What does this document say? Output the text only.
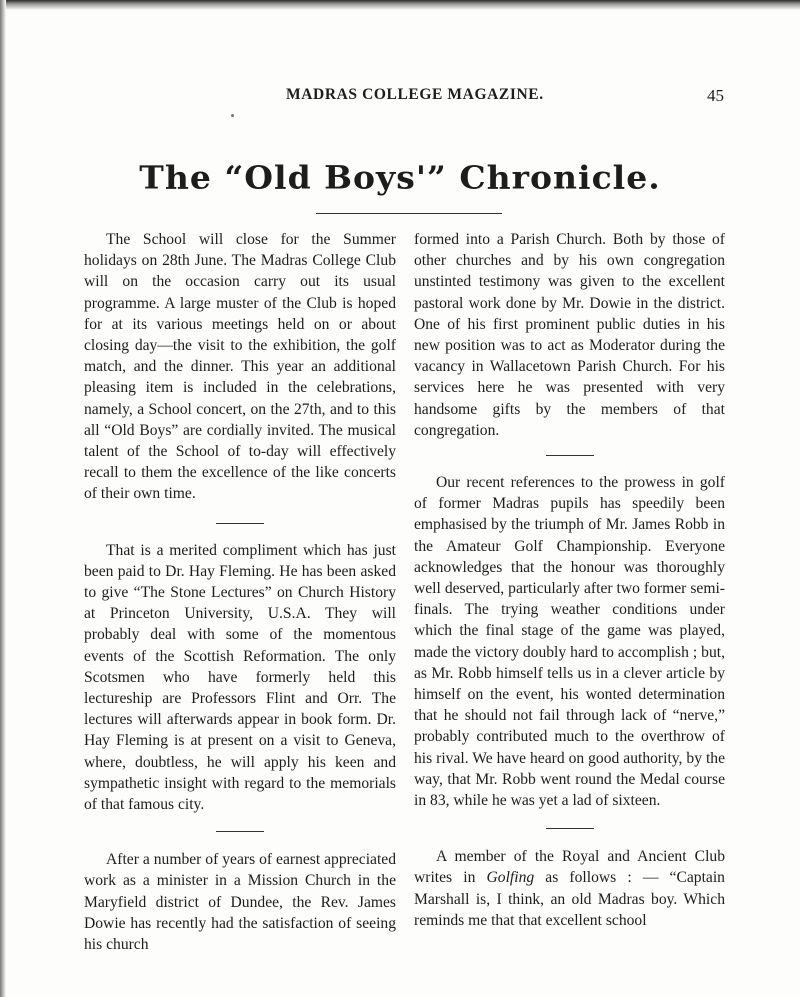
MADRAS COLLEGE MAGAZINE.	45
The “Old Boys'” Chronicle.

The School will close for the Summer holidays on 28th June. The Madras College Club will on the occasion carry out its usual programme. A large muster of the Club is hoped for at its various meetings held on or about closing day—the visit to the exhibition, the golf match, and the dinner. This year an additional pleasing item is included in the celebrations, namely, a School concert, on the 27th, and to this all “Old Boys” are cordially invited. The musical talent of the School of to-day will effectively recall to them the excellence of the like concerts of their own time.

That is a merited compliment which has just been paid to Dr. Hay Fleming. He has been asked to give “The Stone Lectures” on Church History at Princeton University, U.S.A. They will probably deal with some of the momentous events of the Scottish Reformation. The only Scotsmen who have formerly held this lectureship are Professors Flint and Orr. The lectures will afterwards appear in book form. Dr. Hay Fleming is at present on a visit to Geneva, where, doubtless, he will apply his keen and sympathetic insight with regard to the memorials of that famous city.

After a number of years of earnest appreciated work as a minister in a Mission Church in the Maryfield district of Dundee, the Rev. James Dowie has recently had the satisfaction of seeing his church

formed into a Parish Church. Both by those of other churches and by his own congregation unstinted testimony was given to the excellent pastoral work done by Mr. Dowie in the district. One of his first prominent public duties in his new position was to act as Moderator during the vacancy in Wallacetown Parish Church. For his services here he was presented with very handsome gifts by the members of that congregation.

Our recent references to the prowess in golf of former Madras pupils has speedily been emphasised by the triumph of Mr. James Robb in the Amateur Golf Championship. Everyone acknowledges that the honour was thoroughly well deserved, particularly after two former semi-finals. The trying weather conditions under which the final stage of the game was played, made the victory doubly hard to accomplish ; but, as Mr. Robb himself tells us in a clever article by himself on the event, his wonted determination that he should not fail through lack of “nerve,” probably contributed much to the overthrow of his rival. We have heard on good authority, by the way, that Mr. Robb went round the Medal course in 83, while he was yet a lad of sixteen.

A member of the Royal and Ancient Club writes in Golfing as follows : — “Captain Marshall is, I think, an old Madras boy. Which reminds me that that excellent school
